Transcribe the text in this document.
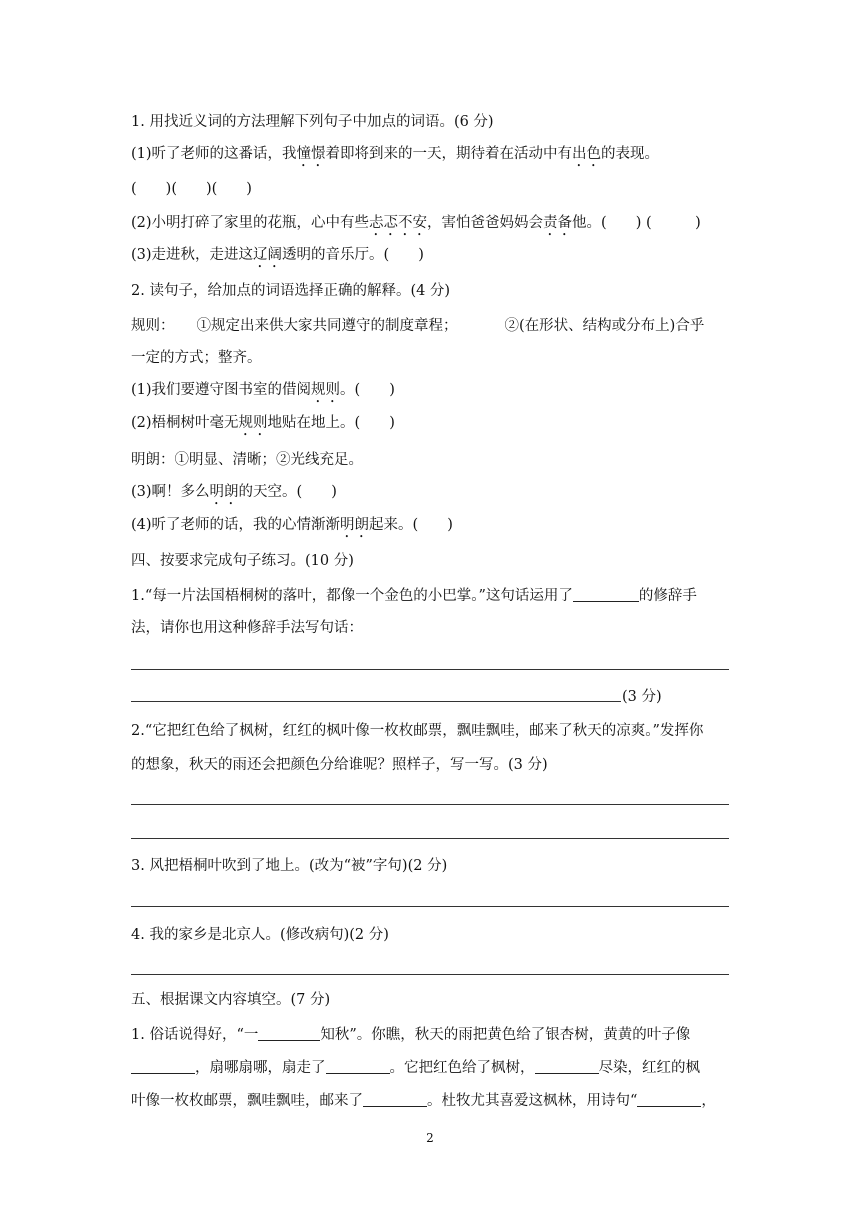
1. 用找近义词的方法理解下列句子中加点的词语。(6 分)
(1)听了老师的这番话，我憧憬着即将到来的一天，期待着在活动中有出色的表现。
(　　)(　　)(　　)
(2)小明打碎了家里的花瓶，心中有些忐忑不安，害怕爸爸妈妈会责备他。(　　) (　　　)
(3)走进秋，走进这辽阔透明的音乐厅。(　　)
2. 读句子，给加点的词语选择正确的解释。(4 分)
规则： ①规定出来供大家共同遵守的制度章程；	②(在形状、结构或分布上)合乎
一定的方式；整齐。
(1)我们要遵守图书室的借阅规则。(　　)
(2)梧桐树叶毫无规则地贴在地上。(　　)
明朗：①明显、清晰；②光线充足。
(3)啊！多么明朗的天空。(　　)
(4)听了老师的话，我的心情渐渐明朗起来。(　　)
四、按要求完成句子练习。(10 分)
1.“每一片法国梧桐树的落叶，都像一个金色的小巴掌。”这句话运用了	的修辞手
法，请你也用这种修辞手法写句话：
(3 分)
2.“它把红色给了枫树，红红的枫叶像一枚枚邮票，飘哇飘哇，邮来了秋天的凉爽。”发挥你
的想象，秋天的雨还会把颜色分给谁呢？照样子，写一写。(3 分)
3. 风把梧桐叶吹到了地上。(改为“被”字句)(2 分)
4. 我的家乡是北京人。(修改病句)(2 分)
五、根据课文内容填空。(7 分)
1. 俗话说得好，“一	知秋”。你瞧，秋天的雨把黄色给了银杏树，黄黄的叶子像
，扇哪扇哪，扇走了	。它把红色给了枫树，	尽染，红红的枫
叶像一枚枚邮票，飘哇飘哇，邮来了	。杜牧尤其喜爱这枫林，用诗句“	，
2
